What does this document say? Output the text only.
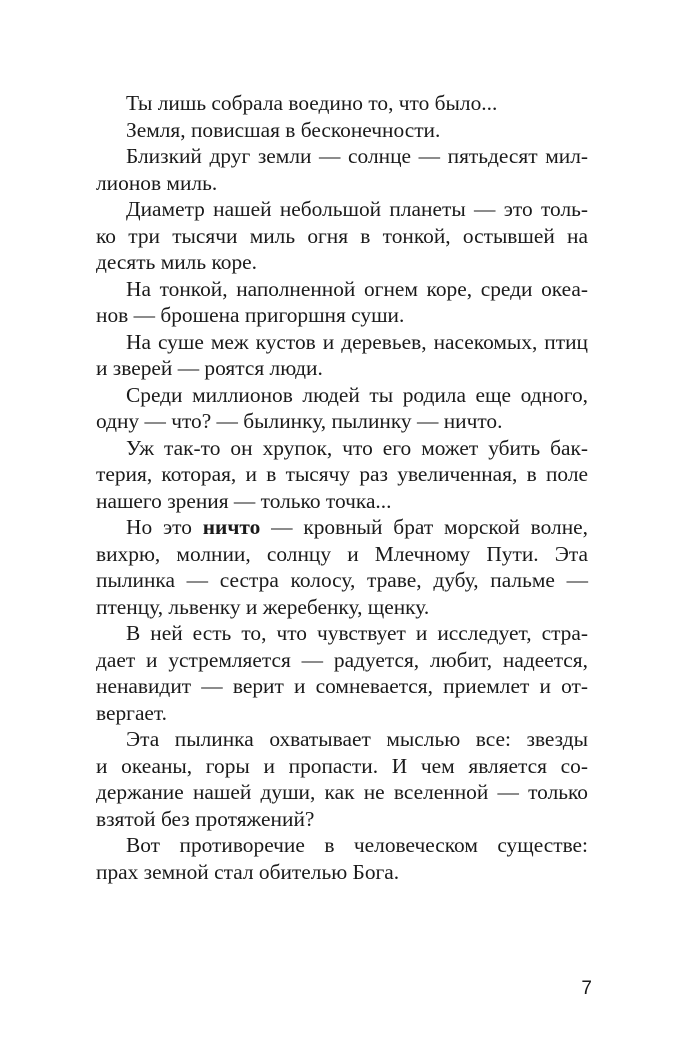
Ты лишь собрала воедино то, что было...
Земля, повисшая в бесконечности.
Близкий друг земли — солнце — пятьдесят мил-
лионов миль.
Диаметр нашей небольшой планеты — это толь-
ко три тысячи миль огня в тонкой, остывшей на
десять миль коре.
На тонкой, наполненной огнем коре, среди океа-
нов — брошена пригоршня суши.
На суше меж кустов и деревьев, насекомых, птиц
и зверей — роятся люди.
Среди миллионов людей ты родила еще одного,
одну — что? — былинку, пылинку — ничто.
Уж так-то он хрупок, что его может убить бак-
терия, которая, и в тысячу раз увеличенная, в поле
нашего зрения — только точка...
Но это ничто — кровный брат морской волне,
вихрю, молнии, солнцу и Млечному Пути. Эта
пылинка — сестра колосу, траве, дубу, пальме —
птенцу, львенку и жеребенку, щенку.
В ней есть то, что чувствует и исследует, стра-
дает и устремляется — радуется, любит, надеется,
ненавидит — верит и сомневается, приемлет и от-
вергает.
Эта пылинка охватывает мыслью все: звезды
и океаны, горы и пропасти. И чем является со-
держание нашей души, как не вселенной — только
взятой без протяжений?
Вот противоречие в человеческом существе:
прах земной стал обителью Бога.
7
